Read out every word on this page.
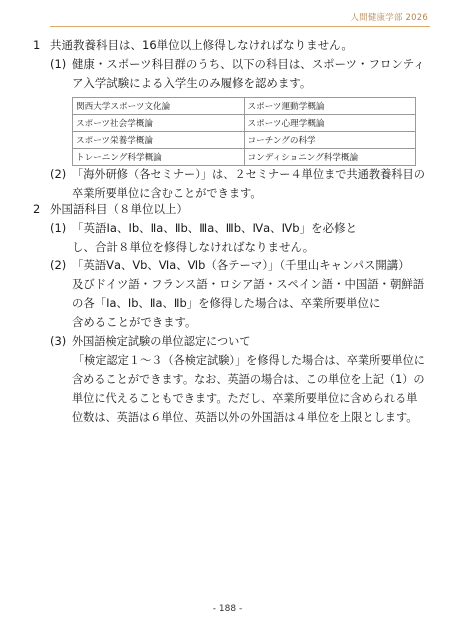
人間健康学部 2026
1 共通教養科目は、16単位以上修得しなければなりません。
(1) 健康・スポーツ科目群のうち、以下の科目は、スポーツ・フロンティ
ア入学試験による入学生のみ履修を認めます。
関西大学スポーツ文化論	スポーツ運動学概論
スポーツ社会学概論	スポーツ心理学概論
スポーツ栄養学概論	コーチングの科学
トレーニング科学概論	コンディショニング科学概論
(2) 「海外研修（各セミナー）」は、２セミナー４単位まで共通教養科目の
卒業所要単位に含むことができます。
2 外国語科目（８単位以上）
(1) 「英語Ⅰa、Ⅰb、Ⅱa、Ⅱb、Ⅲa、Ⅲb、Ⅳa、Ⅳb」を必修と
し、合計８単位を修得しなければなりません。
(2) 「英語Ⅴa、Ⅴb、Ⅵa、Ⅵb（各テーマ）」（千里山キャンパス開講）
及びドイツ語・フランス語・ロシア語・スペイン語・中国語・朝鮮語
の各「Ⅰa、Ⅰb、Ⅱa、Ⅱb」を修得した場合は、卒業所要単位に
含めることができます。
(3) 外国語検定試験の単位認定について
「検定認定１～３（各検定試験）」を修得した場合は、卒業所要単位に
含めることができます。なお、英語の場合は、この単位を上記（1）の
単位に代えることもできます。ただし、卒業所要単位に含められる単
位数は、英語は６単位、英語以外の外国語は４単位を上限とします。
- 188 -
